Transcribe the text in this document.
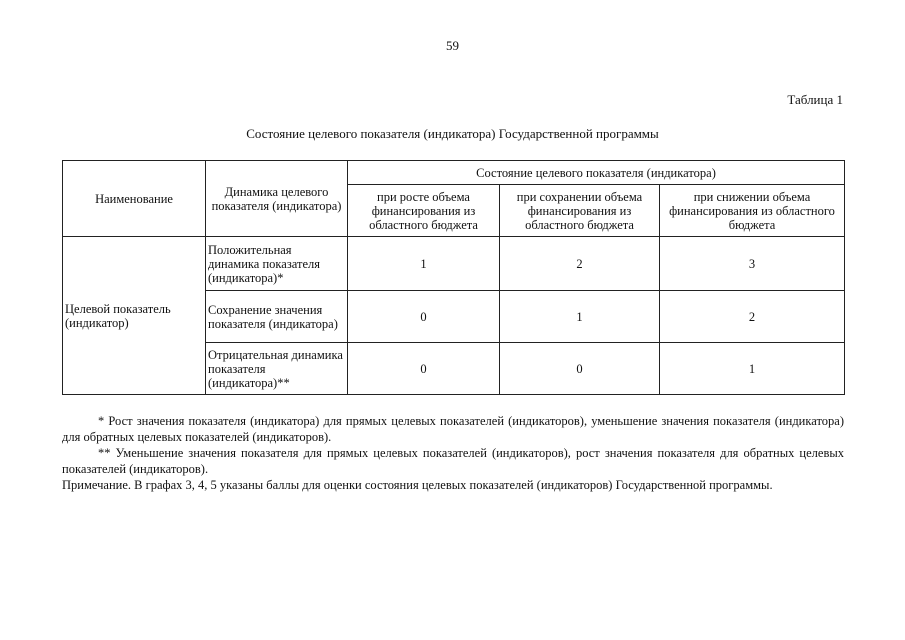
59
Таблица 1
Состояние целевого показателя (индикатора) Государственной программы
Наименование	Динамика целевого показателя (индикатора)	Состояние целевого показателя (индикатора)		
		при росте объема финансирования из областного бюджета	при сохранении объема финансирования из областного бюджета	при снижении объема финансирования из областного бюджета
Целевой показатель (индикатор)	Положительная динамика показателя (индикатора)*	1	2	3
	Сохранение значения показателя (индикатора)	0	1	2
	Отрицательная динамика показателя (индикатора)**	0	0	1

* Рост значения показателя (индикатора) для прямых целевых показателей (индикаторов), уменьшение значения показателя (индикатора) для обратных целевых показателей (индикаторов).

** Уменьшение значения показателя для прямых целевых показателей (индикаторов), рост значения показателя для обратных целевых показателей (индикаторов).

Примечание. В графах 3, 4, 5 указаны баллы для оценки состояния целевых показателей (индикаторов) Государственной программы.
